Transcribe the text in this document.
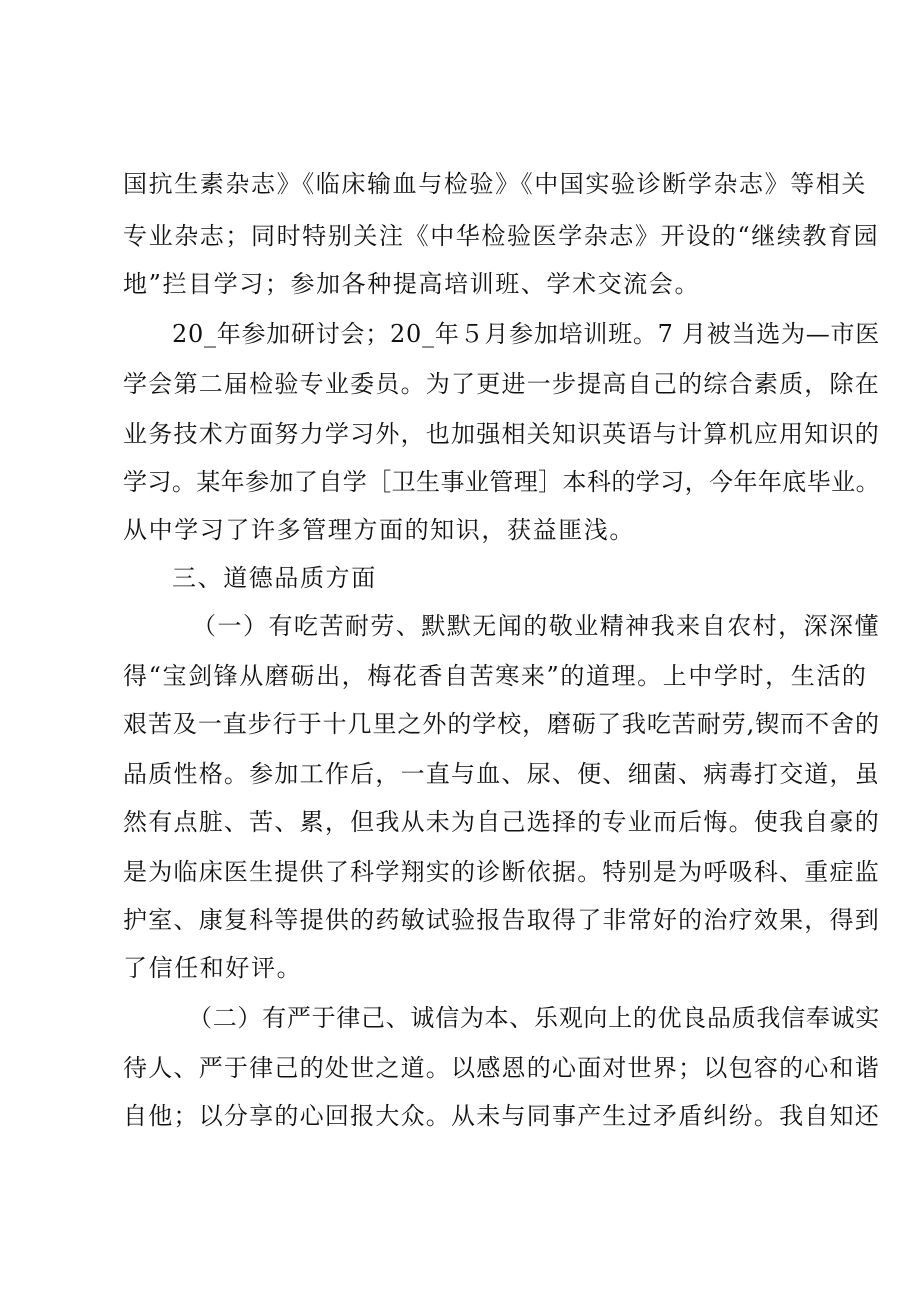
国抗生素杂志》《临床输血与检验》《中国实验诊断学杂志》等相关
专业杂志；同时特别关注《中华检验医学杂志》开设的“继续教育园
地”拦目学习；参加各种提高培训班、学术交流会。
20_年参加研讨会；20_年５月参加培训班。7 月被当选为—市医
学会第二届检验专业委员。为了更进一步提高自己的综合素质，除在
业务技术方面努力学习外，也加强相关知识英语与计算机应用知识的
学习。某年参加了自学［卫生事业管理］本科的学习，今年年底毕业。
从中学习了许多管理方面的知识，获益匪浅。
三、道德品质方面
（一）有吃苦耐劳、默默无闻的敬业精神我来自农村，深深懂
得“宝剑锋从磨砺出，梅花香自苦寒来”的道理。上中学时，生活的
艰苦及一直步行于十几里之外的学校，磨砺了我吃苦耐劳,锲而不舍的
品质性格。参加工作后，一直与血、尿、便、细菌、病毒打交道，虽
然有点脏、苦、累，但我从未为自己选择的专业而后悔。使我自豪的
是为临床医生提供了科学翔实的诊断依据。特别是为呼吸科、重症监
护室、康复科等提供的药敏试验报告取得了非常好的治疗效果，得到
了信任和好评。
（二）有严于律己、诚信为本、乐观向上的优良品质我信奉诚实
待人、严于律己的处世之道。以感恩的心面对世界；以包容的心和谐
自他；以分享的心回报大众。从未与同事产生过矛盾纠纷。我自知还
